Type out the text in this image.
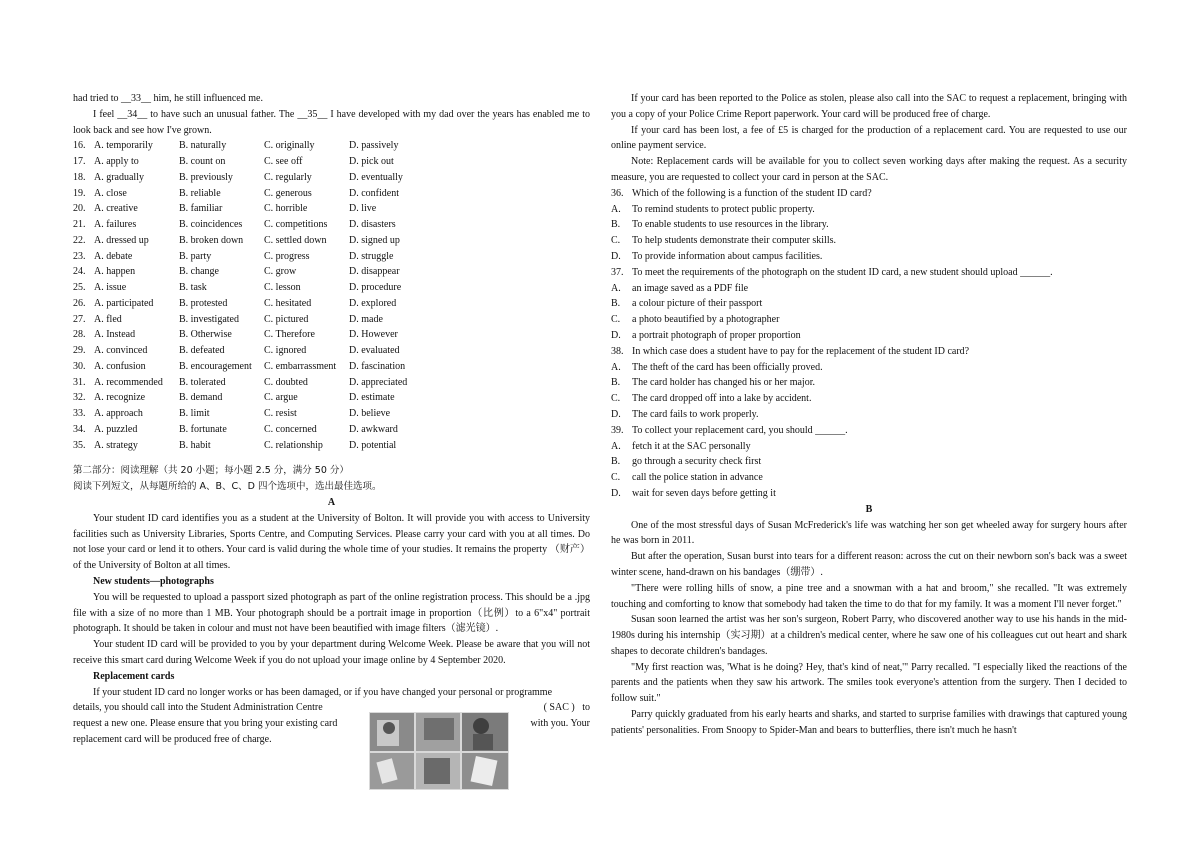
had tried to __33__ him, he still influenced me.

I feel __34__ to have such an unusual father. The __35__ I have developed with my dad over the years has enabled me to look back and see how I've grown.

16. A. temporarily	B. naturally	C. originally	D. passively
17. A. apply to	B. count on	C. see off	D. pick out
18. A. gradually	B. previously	C. regularly	D. eventually
19. A. close	B. reliable	C. generous	D. confident
20. A. creative	B. familiar	C. horrible	D. live
21. A. failures	B. coincidences	C. competitions	D. disasters
22. A. dressed up	B. broken down	C. settled down	D. signed up
23. A. debate	B. party	C. progress	D. struggle
24. A. happen	B. change	C. grow	D. disappear
25. A. issue	B. task	C. lesson	D. procedure
26. A. participated	B. protested	C. hesitated	D. explored
27. A. fled	B. investigated	C. pictured	D. made
28. A. Instead	B. Otherwise	C. Therefore	D. However
29. A. convinced	B. defeated	C. ignored	D. evaluated
30. A. confusion	B. encouragement	C. embarrassment	D. fascination
31. A. recommended	B. tolerated	C. doubted	D. appreciated
32. A. recognize	B. demand	C. argue	D. estimate
33. A. approach	B. limit	C. resist	D. believe
34. A. puzzled	B. fortunate	C. concerned	D. awkward
35. A. strategy	B. habit	C. relationship	D. potential

第二部分：阅读理解（共 20 小题；每小题 2.5 分，满分 50 分）

阅读下列短文，从每题所给的 A、B、C、D 四个选项中，选出最佳选项。

A

Your student ID card identifies you as a student at the University of Bolton. It will provide you with access to University facilities such as University Libraries, Sports Centre, and Computing Services. Please carry your card with you at all times. Do not lose your card or lend it to others. Your card is valid during the whole time of your studies. It remains the property （财产）of the University of Bolton at all times.

New students—photographs

You will be requested to upload a passport sized photograph as part of the online registration process. This should be a .jpg file with a size of no more than 1 MB. Your photograph should be a portrait image in proportion（比例）to a 6"x4" portrait photograph. It should be taken in colour and must not have been beautified with image filters（滤光镜）.

Your student ID card will be provided to you by your department during Welcome Week. Please be aware that you will not receive this smart card during Welcome Week if you do not upload your image online by 4 September 2020.

Replacement cards

If your student ID card no longer works or has been damaged, or if you have changed your personal or programme

details, you should call into the Student Administration Centre	( SAC )   to
request a new one. Please ensure that you bring your existing card	with you. Your

replacement card will be produced free of charge.

If your card has been reported to the Police as stolen, please also call into the SAC to request a replacement, bringing with you a copy of your Police Crime Report paperwork. Your card will be produced free of charge.

If your card has been lost, a fee of £5 is charged for the production of a replacement card. You are requested to use our online payment service.

Note: Replacement cards will be available for you to collect seven working days after making the request. As a security measure, you are requested to collect your card in person at the SAC.

36. Which of the following is a function of the student ID card?
A.	To remind students to protect public property.
B.	To enable students to use resources in the library.
C.	To help students demonstrate their computer skills.
D.	To provide information about campus facilities.
37. To meet the requirements of the photograph on the student ID card, a new student should upload ______.
A.	an image saved as a PDF file
B.	a colour picture of their passport
C.	a photo beautified by a photographer
D.	a portrait photograph of proper proportion
38. In which case does a student have to pay for the replacement of the student ID card?
A.	The theft of the card has been officially proved.
B.	The card holder has changed his or her major.
C.	The card dropped off into a lake by accident.
D.	The card fails to work properly.
39. To collect your replacement card, you should ______.
A.	fetch it at the SAC personally
B.	go through a security check first
C.	call the police station in advance
D.	wait for seven days before getting it

B

One of the most stressful days of Susan McFrederick's life was watching her son get wheeled away for surgery hours after he was born in 2011.

But after the operation, Susan burst into tears for a different reason: across the cut on their newborn son's back was a sweet winter scene, hand-drawn on his bandages（绷带）.

"There were rolling hills of snow, a pine tree and a snowman with a hat and broom," she recalled. "It was extremely touching and comforting to know that somebody had taken the time to do that for my family. It was a moment I'll never forget."

Susan soon learned the artist was her son's surgeon, Robert Parry, who discovered another way to use his hands in the mid-1980s during his internship（实习期）at a children's medical center, where he saw one of his colleagues cut out heart and shark shapes to decorate children's bandages.

"My first reaction was, 'What is he doing? Hey, that's kind of neat,'" Parry recalled. "I especially liked the reactions of the parents and the patients when they saw his artwork. The smiles took everyone's attention from the surgery. Then I decided to follow suit."

Parry quickly graduated from his early hearts and sharks, and started to surprise families with drawings that captured young patients' personalities. From Snoopy to Spider-Man and bears to butterflies, there isn't much he hasn't
